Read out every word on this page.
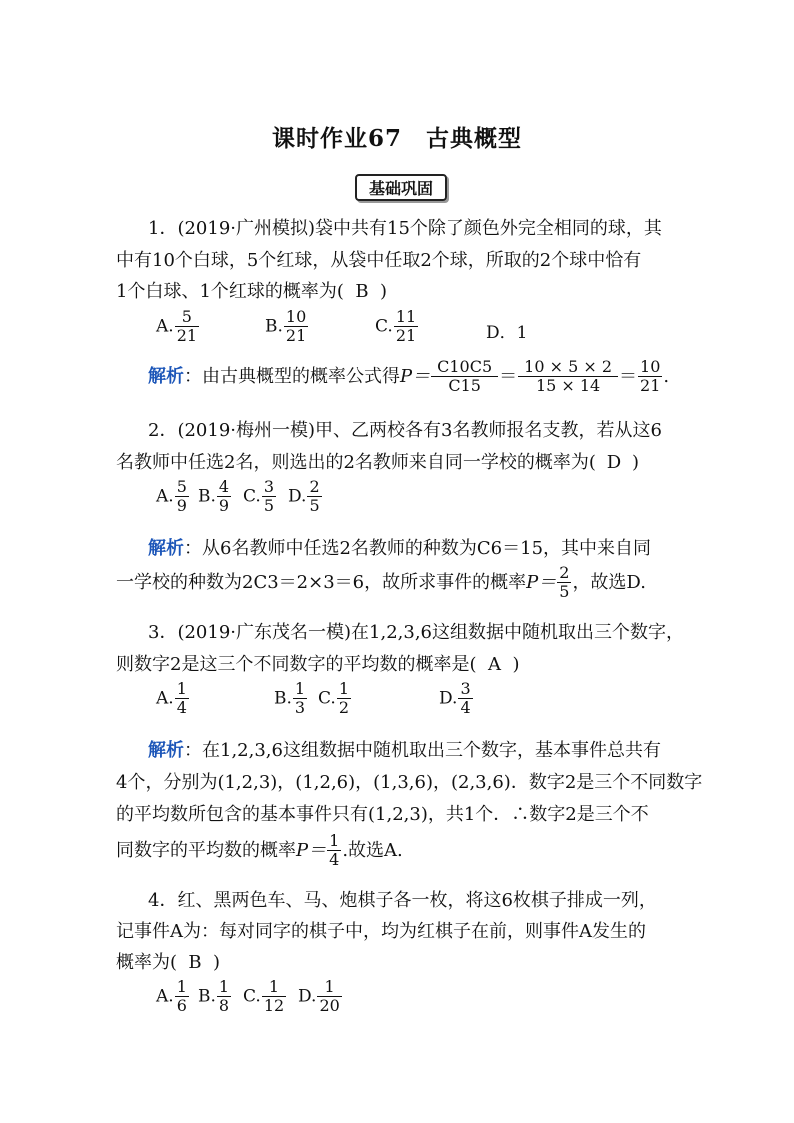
课时作业67　古典概型
基础巩固
1．(2019·广州模拟)袋中共有15个除了颜色外完全相同的球，其
中有10个白球，5个红球，从袋中任取2个球，所取的2个球中恰有
1个白球、1个红球的概率为( B )
A. $\frac{5}{21}$	B. $\frac{10}{21}$	C. $\frac{11}{21}$	D．1
解析：由古典概型的概率公式得$P= \frac{C10C5}{C15} = \frac{10 \times 5 \times 2}{15 \times 14} = \frac{10}{21}$ .
2．(2019·梅州一模)甲、乙两校各有3名教师报名支教，若从这6
名教师中任选2名，则选出的2名教师来自同一学校的概率为( D )
A. $\frac{5}{9} B$. $\frac{4}{9} C$. $\frac{3}{5} D$. $\frac{2}{5}$
解析：从6名教师中任选2名教师的种数为C6＝15，其中来自同
一学校的种数为2C3＝2×3＝6，故所求事件的概率$P= \frac{2}{5}$ ，故选D.
3．(2019·广东茂名一模)在1,2,3,6这组数据中随机取出三个数字，
则数字2是这三个不同数字的平均数的概率是( A )
A. $\frac{1}{4}$	B. $\frac{1}{3} C$. $\frac{1}{2}$	D. $\frac{3}{4}$
解析：在1,2,3,6这组数据中随机取出三个数字，基本事件总共有
4个，分别为(1,2,3)，(1,2,6)，(1,3,6)，(2,3,6)．数字2是三个不同数字
的平均数所包含的基本事件只有(1,2,3)，共1个．∴数字2是三个不
同数字的平均数的概率$P= \frac{1}{4}$ .故选A.
4．红、黑两色车、马、炮棋子各一枚，将这6枚棋子排成一列，
记事件A为：每对同字的棋子中，均为红棋子在前，则事件A发生的
概率为( B )
A. $\frac{1}{6} B$. $\frac{1}{8} C$. $\frac{1}{12} D$. $\frac{1}{20}$
